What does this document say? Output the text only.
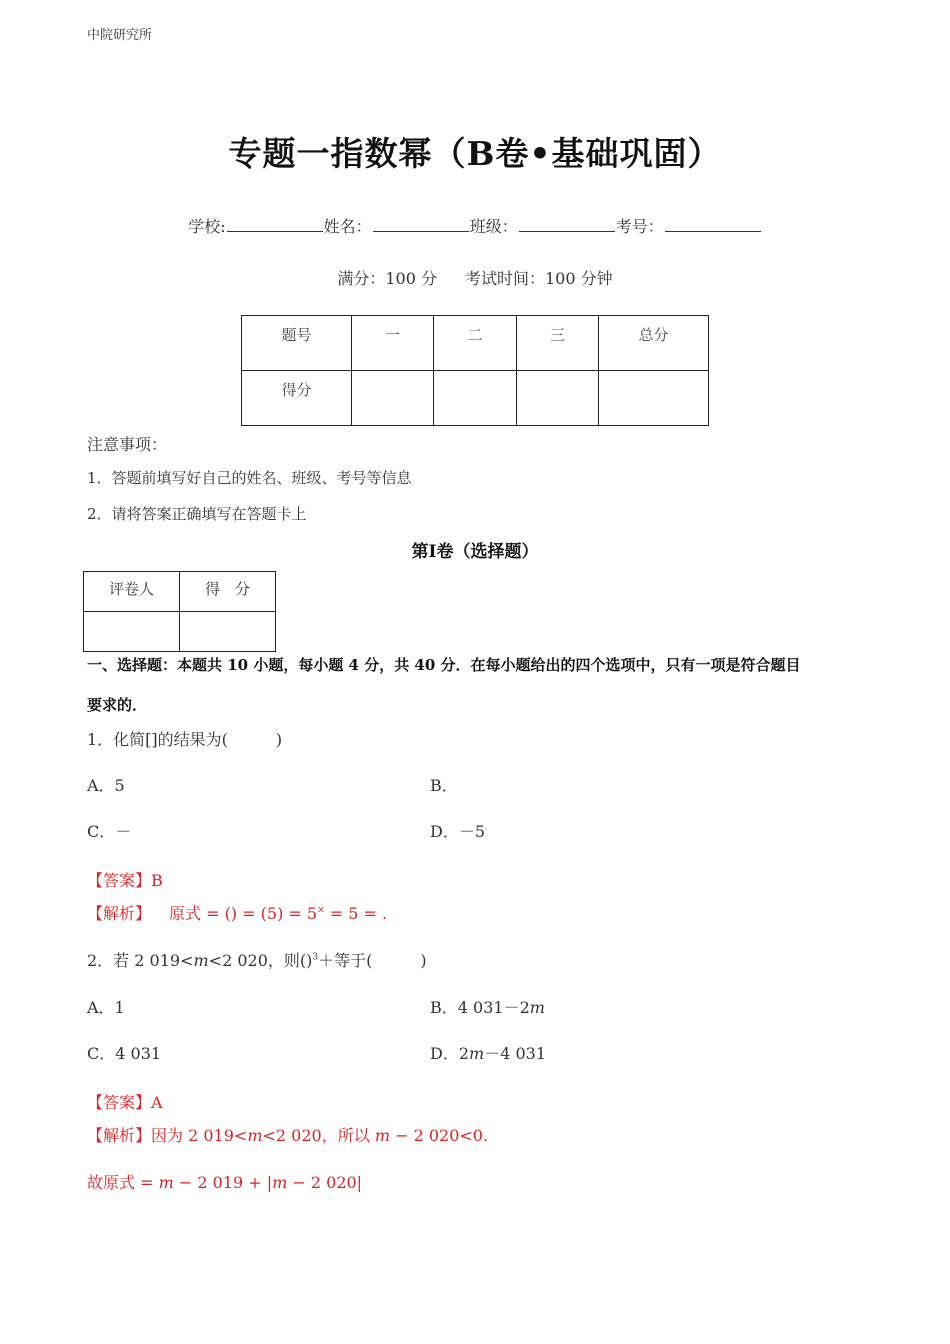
中院研究所
专题一指数幂（B卷•基础巩固）
学校:	姓名：	班级：	考号：
满分：100 分 考试时间：100 分钟
题号	一	二	三	总分
得分				
注意事项：
1．答题前填写好自己的姓名、班级、考号等信息
2．请将答案正确填写在答题卡上
第Ⅰ卷（选择题）
评卷人	得　分

一、选择题：本题共 10 小题，每小题 4 分，共 40 分．在每小题给出的四个选项中，只有一项是符合题目
要求的．
1．化简[]的结果为(　　　)
A．5	B．
C．－	D．－5
【答案】B
【解析】 原式 = () = (5) = 5× = 5 = .
2．若 2 019<m<2 020，则()$^3$＋等于(　　　)
A．1	B．4 031－2m
C．4 031	D．2m－4 031
【答案】A
【解析】因为 2 019<m<2 020，所以 m − 2 020<0.
故原式 = m − 2 019 + |m − 2 020|
